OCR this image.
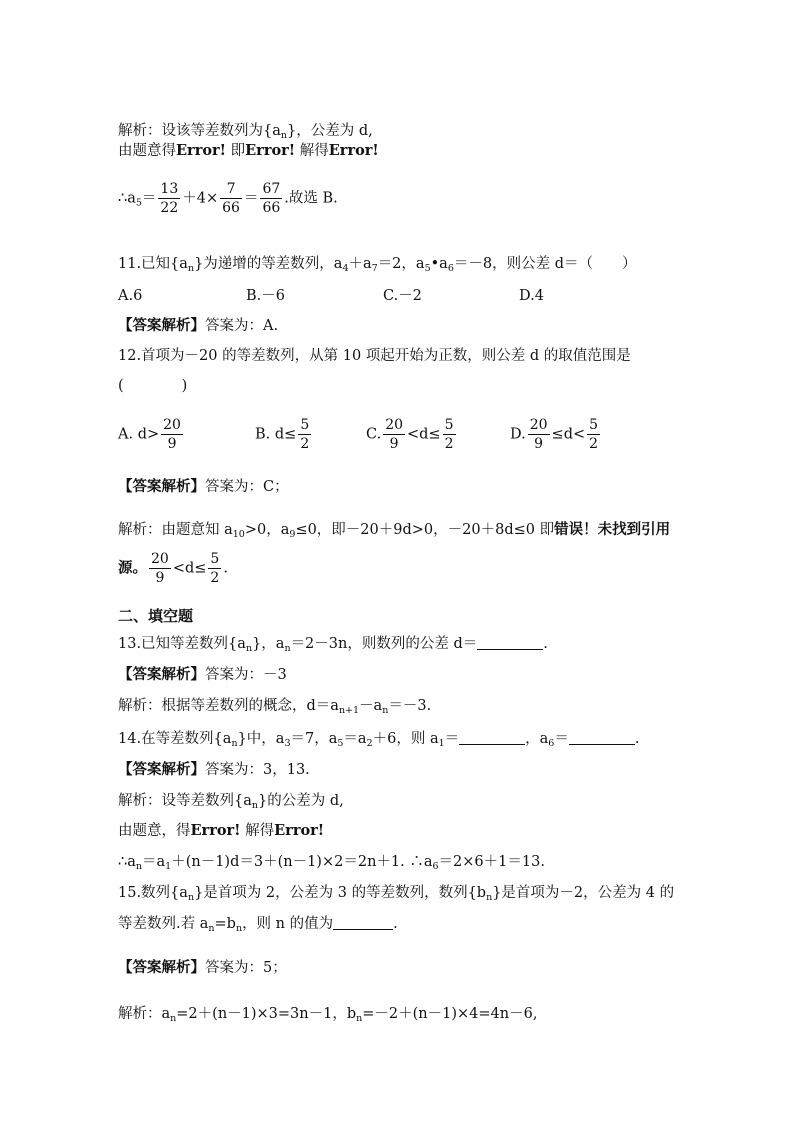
解析：设该等差数列为$\{a_n\}$，公差为 d,
由题意得Error! 即Error! 解得Error!
$\therefore a_5= \frac{13}{22} +4\times \frac{7}{66} = \frac{67}{66}$ .故选 B.
11.已知$\{a_n\}$为递增的等差数列，$a_4+a_7=2$，$a_5•a_6=-8$，则公差 d＝（　　）
A.6	B.－6	C.－2	D.4
【答案解析】答案为：A.
12.首项为－20 的等差数列，从第 10 项起开始为正数，则公差 d 的取值范围是
(　　　　)
A. $d> \frac{20}{9}$	B. $d\le \frac{5}{2}$	C. $\frac{20}{9} <d\le \frac{5}{2}$	D. $\frac{20}{9} \le d< \frac{5}{2}$
【答案解析】答案为：C；
解析：由题意知 $a_{10}>0$，$a_9\le 0$，即－20＋9d>0，－20＋8d≤0 即错误！未找到引用
源。 $\frac{20}{9} <d\le \frac{5}{2}$ .
二、填空题
13.已知等差数列$\{a_n\}$，$a_n=2-3n$，则数列的公差 d＝	.
【答案解析】答案为：－3
解析：根据等差数列的概念，$d=a_{n+1}-a_n=-3$.
14.在等差数列$\{a_n\}$中，$a_3=7$，$a_5=a_2+6$，则 $a_1=$	，$a_6=$	.
【答案解析】答案为：3，13.
解析：设等差数列$\{a_n\}$的公差为 d,
由题意，得Error! 解得Error!
$\therefore a_n=a_1+(n-1)d=3+(n-1)\times 2=2n+1$. $\therefore a_6=2\times 6+1=13$.
15.数列$\{a_n\}$是首项为 2，公差为 3 的等差数列，数列$\{b_n\}$是首项为－2，公差为 4 的
等差数列.若 $a_n=b_n$，则 n 的值为	.
【答案解析】答案为：5；
解析：$a_n=2+(n-1)\times 3=3n-1$，$b_n=-2+(n-1)\times 4=4n-6$,
